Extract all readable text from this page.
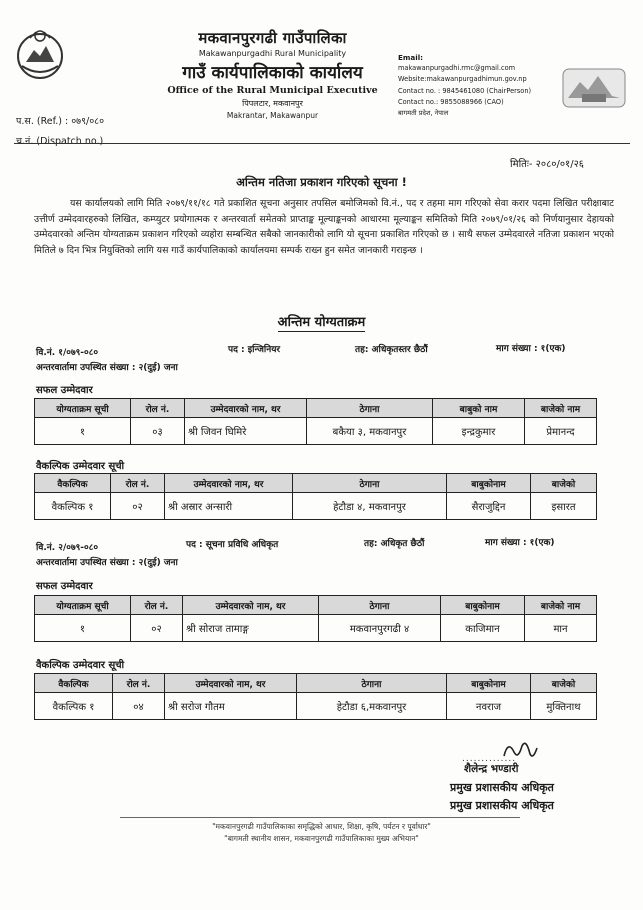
मकवानपुरगढी गाउँपालिका
Makawanpurgadhi Rural Municipality
गाउँ कार्यपालिकाको कार्यालय
Office of the Rural Municipal Executive
पिपलटार, मकवानपुर
Makrantar, Makawanpur
प.स. (Ref.) : ०७९/०८०
च.नं. (Dispatch no.)
Email:
makawanpurgadhi.rmc@gmail.com
Website:makawanpurgadhimun.gov.np
Contact no. : 9845461080 (ChairPerson)
Contact no.: 9855088966 (CAO)
बागमती प्रदेश, नेपाल
मितिः- २०८०/०१/२६
अन्तिम नतिजा प्रकाशन गरिएको सूचना !
यस कार्यालयको लागि मिति २०७९/११/१८ गते प्रकाशित सूचना अनुसार तपसिल बमोजिमको वि.नं., पद र तहमा माग गरिएको सेवा करार पदमा लिखित परीक्षाबाट उत्तीर्ण उम्मेदवारहरुको लिखित, कम्प्युटर प्रयोगात्मक र अन्तरवार्ता समेतको प्राप्ताङ्क मूल्याङ्कनको आधारमा मूल्याङ्कन समितिको मिति २०७९/०१/२६ को निर्णयानुसार देहायको उम्मेदवारको अन्तिम योग्यताक्रम प्रकाशन गरिएको व्यहोरा सम्बन्धित सबैको जानकारीको लागि यो सूचना प्रकाशित गरिएको छ । साथै सफल उम्मेदवारले नतिजा प्रकाशन भएको मितिले ७ दिन भित्र नियुक्तिको लागि यस गाउँ कार्यपालिकाको कार्यालयमा सम्पर्क राख्न हुन समेत जानकारी गराइन्छ ।
अन्तिम योग्यताक्रम
वि.नं. १/०७९-०८०	पद : इन्जिनियर	तह: अधिकृतस्तर छैठौं	माग संख्या : १(एक)
अन्तरवार्तामा उपस्थित संख्या : २(दुई) जना
सफल उम्मेदवार
योग्यताक्रम सूची	रोल नं.	उम्मेदवारको नाम, थर	ठेगाना	बाबुको नाम	बाजेको नाम
१	०३	श्री जिवन घिमिरे	बकैया ३, मकवानपुर	इन्द्रकुमार	प्रेमानन्द
वैकल्पिक उम्मेदवार सूची
वैकल्पिक	रोल नं.	उम्मेदवारको नाम, थर	ठेगाना	बाबुकोनाम	बाजेको
वैकल्पिक १	०२	श्री अस्रार अन्सारी	हेटौडा ४, मकवानपुर	सैराजुद्दिन	इसारत
वि.नं. २/०७९-०८०	पद : सूचना प्रविधि अधिकृत	तह: अधिकृत छैठौं	माग संख्या : १(एक)
अन्तरवार्तामा उपस्थित संख्या : २(दुई) जना
सफल उम्मेदवार
योग्यताक्रम सूची	रोल नं.	उम्मेदवारको नाम, थर	ठेगाना	बाबुकोनाम	बाजेको नाम
१	०२	श्री सोराज तामाङ्ग	मकवानपुरगढी ४	काजिमान	मान
वैकल्पिक उम्मेदवार सूची
वैकल्पिक	रोल नं.	उम्मेदवारको नाम, थर	ठेगाना	बाबुकोनाम	बाजेको
वैकल्पिक १	०४	श्री सरोज गौतम	हेटौडा ६,मकवानपुर	नवराज	मुक्तिनाथ
..............
शैलेन्द्र भण्डारी
प्रमुख प्रशासकीय अधिकृत
प्रमुख प्रशासकीय अधिकृत
"मकवानपुरगढी गाउँपालिकाका समृद्धिको आधार, शिक्षा, कृषि, पर्यटन र पूर्वाधार"
"बागमती स्थानीय शासन, मकवानपुरगढी गाउँपालिकाका मुख्य अभियान"
